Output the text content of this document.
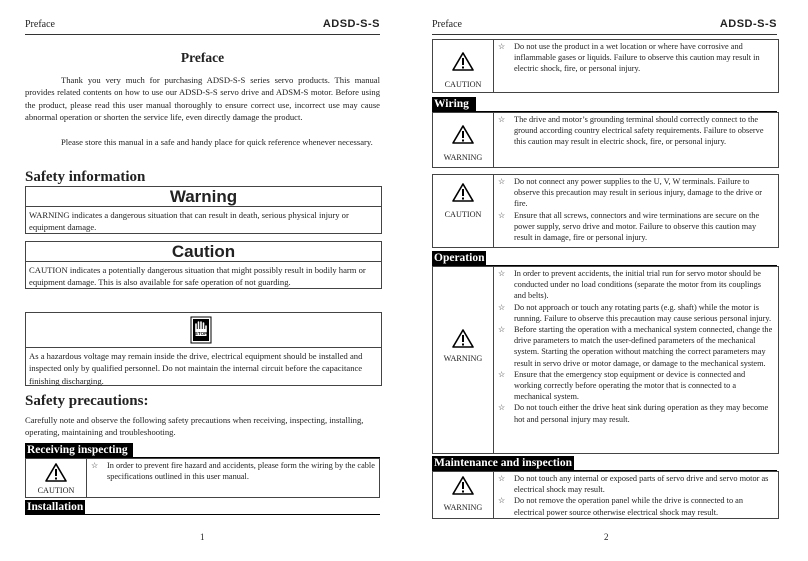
Preface	ADSD-S-S
Preface
Thank you very much for purchasing ADSD-S-S series servo products. This manual provides related contents on how to use our ADSD-S-S servo drive and ADSM-S motor. Before using the product, please read this user manual thoroughly to ensure correct use, incorrect use may cause abnormal operation or shorten the service life, even directly damage the product.
Please store this manual in a safe and handy place for quick reference whenever necessary.
Safety information
Warning
WARNING indicates a dangerous situation that can result in death, serious physical injury or equipment damage.
Caution
CAUTION indicates a potentially dangerous situation that might possibly result in bodily harm or equipment damage. This is also available for safe operation of not guarding.
STOP
As a hazardous voltage may remain inside the drive, electrical equipment should be installed and inspected only by qualified personnel. Do not maintain the internal circuit before the capacitance finishing discharging.
Safety precautions:
Carefully note and observe the following safety precautions when receiving, inspecting, installing, operating, maintaining and troubleshooting.
Receiving inspecting
CAUTION
☆	In order to prevent fire hazard and accidents, please form the wiring by the cable specifications outlined in this user manual.
Installation
1
Preface	ADSD-S-S
CAUTION
☆	Do not use the product in a wet location or where have corrosive and inflammable gases or liquids. Failure to observe this caution may result in electric shock, fire, or personal injury.
Wiring
WARNING
☆	The drive and motor’s grounding terminal should correctly connect to the ground according country electrical safety requirements. Failure to observe this caution may result in electric shock, fire, or personal injury.
CAUTION
☆	Do not connect any power supplies to the U, V, W terminals. Failure to observe this precaution may result in serious injury, damage to the drive or fire.
☆	Ensure that all screws, connectors and wire terminations are secure on the power supply, servo drive and motor. Failure to observe this caution may result in damage, fire or personal injury.
Operation
WARNING
☆	In order to prevent accidents, the initial trial run for servo motor should be conducted under no load conditions (separate the motor from its couplings and belts).
☆	Do not approach or touch any rotating parts (e.g. shaft) while the motor is running. Failure to observe this precaution may cause serious personal injury.
☆	Before starting the operation with a mechanical system connected, change the drive parameters to match the user-defined parameters of the mechanical system. Starting the operation without matching the correct parameters may result in servo drive or motor damage, or damage to the mechanical system.
☆	Ensure that the emergency stop equipment or device is connected and working correctly before operating the motor that is connected to a mechanical system.
☆	Do not touch either the drive heat sink during operation as they may become hot and personal injury may result.
Maintenance and inspection
WARNING
☆	Do not touch any internal or exposed parts of servo drive and servo motor as electrical shock may result.
☆	Do not remove the operation panel while the drive is connected to an electrical power source otherwise electrical shock may result.
2
